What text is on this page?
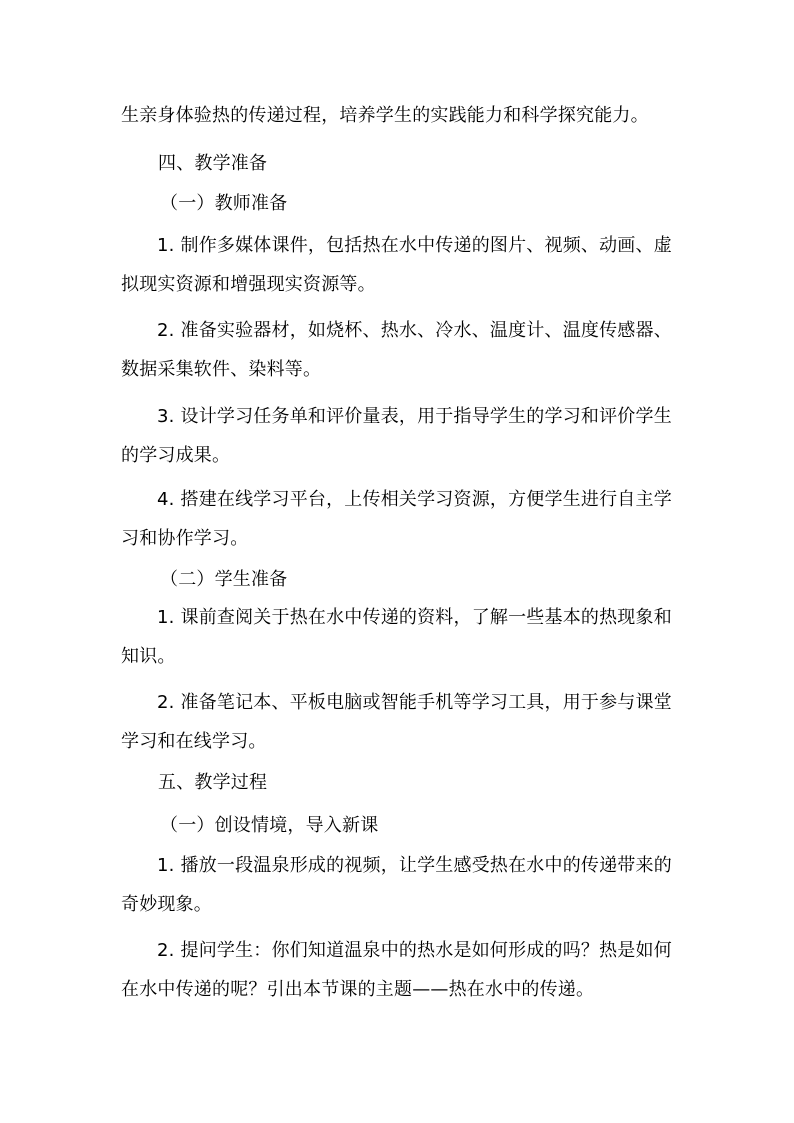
生亲身体验热的传递过程，培养学生的实践能力和科学探究能力。

四、教学准备

（一）教师准备

1. 制作多媒体课件，包括热在水中传递的图片、视频、动画、虚拟现实资源和增强现实资源等。

2. 准备实验器材，如烧杯、热水、冷水、温度计、温度传感器、数据采集软件、染料等。

3. 设计学习任务单和评价量表，用于指导学生的学习和评价学生的学习成果。

4. 搭建在线学习平台，上传相关学习资源，方便学生进行自主学习和协作学习。

（二）学生准备

1. 课前查阅关于热在水中传递的资料，了解一些基本的热现象和知识。

2. 准备笔记本、平板电脑或智能手机等学习工具，用于参与课堂学习和在线学习。

五、教学过程

（一）创设情境，导入新课

1. 播放一段温泉形成的视频，让学生感受热在水中的传递带来的奇妙现象。

2. 提问学生：你们知道温泉中的热水是如何形成的吗？热是如何在水中传递的呢？引出本节课的主题——热在水中的传递。
